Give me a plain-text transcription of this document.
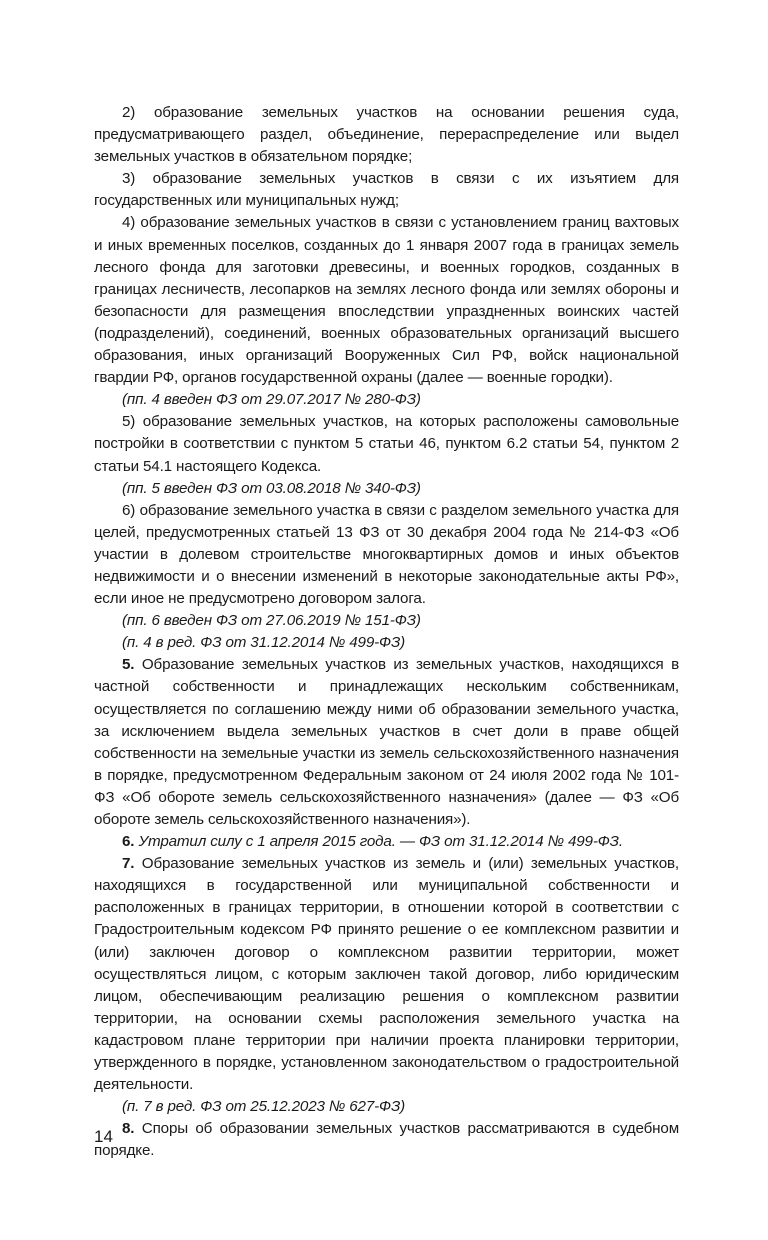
2) образование земельных участков на основании решения суда, предусматривающего раздел, объединение, перераспределение или выдел земельных участков в обязательном порядке;

3) образование земельных участков в связи с их изъятием для государственных или муниципальных нужд;

4) образование земельных участков в связи с установлением границ вахтовых и иных временных поселков, созданных до 1 января 2007 года в границах земель лесного фонда для заготовки древесины, и военных городков, созданных в границах лесничеств, лесопарков на землях лесного фонда или землях обороны и безопасности для размещения впоследствии упраздненных воинских частей (подразделений), соединений, военных образовательных организаций высшего образования, иных организаций Вооруженных Сил РФ, войск национальной гвардии РФ, органов государственной охраны (далее — военные городки).

(пп. 4 введен ФЗ от 29.07.2017 № 280-ФЗ)

5) образование земельных участков, на которых расположены самовольные постройки в соответствии с пунктом 5 статьи 46, пунктом 6.2 статьи 54, пунктом 2 статьи 54.1 настоящего Кодекса.

(пп. 5 введен ФЗ от 03.08.2018 № 340-ФЗ)

6) образование земельного участка в связи с разделом земельного участка для целей, предусмотренных статьей 13 ФЗ от 30 декабря 2004 года № 214-ФЗ «Об участии в долевом строительстве многоквартирных домов и иных объектов недвижимости и о внесении изменений в некоторые законодательные акты РФ», если иное не предусмотрено договором залога.

(пп. 6 введен ФЗ от 27.06.2019 № 151-ФЗ)

(п. 4 в ред. ФЗ от 31.12.2014 № 499-ФЗ)

5. Образование земельных участков из земельных участков, находящихся в частной собственности и принадлежащих нескольким собственникам, осуществляется по соглашению между ними об образовании земельного участка, за исключением выдела земельных участков в счет доли в праве общей собственности на земельные участки из земель сельскохозяйственного назначения в порядке, предусмотренном Федеральным законом от 24 июля 2002 года № 101-ФЗ «Об обороте земель сельскохозяйственного назначения» (далее — ФЗ «Об обороте земель сельскохозяйственного назначения»).

6. Утратил силу с 1 апреля 2015 года. — ФЗ от 31.12.2014 № 499-ФЗ.

7. Образование земельных участков из земель и (или) земельных участков, находящихся в государственной или муниципальной собственности и расположенных в границах территории, в отношении которой в соответствии с Градостроительным кодексом РФ принято решение о ее комплексном развитии и (или) заключен договор о комплексном развитии территории, может осуществляться лицом, с которым заключен такой договор, либо юридическим лицом, обеспечивающим реализацию решения о комплексном развитии территории, на основании схемы расположения земельного участка на кадастровом плане территории при наличии проекта планировки территории, утвержденного в порядке, установленном законодательством о градостроительной деятельности.

(п. 7 в ред. ФЗ от 25.12.2023 № 627-ФЗ)

8. Споры об образовании земельных участков рассматриваются в судебном порядке.

14
